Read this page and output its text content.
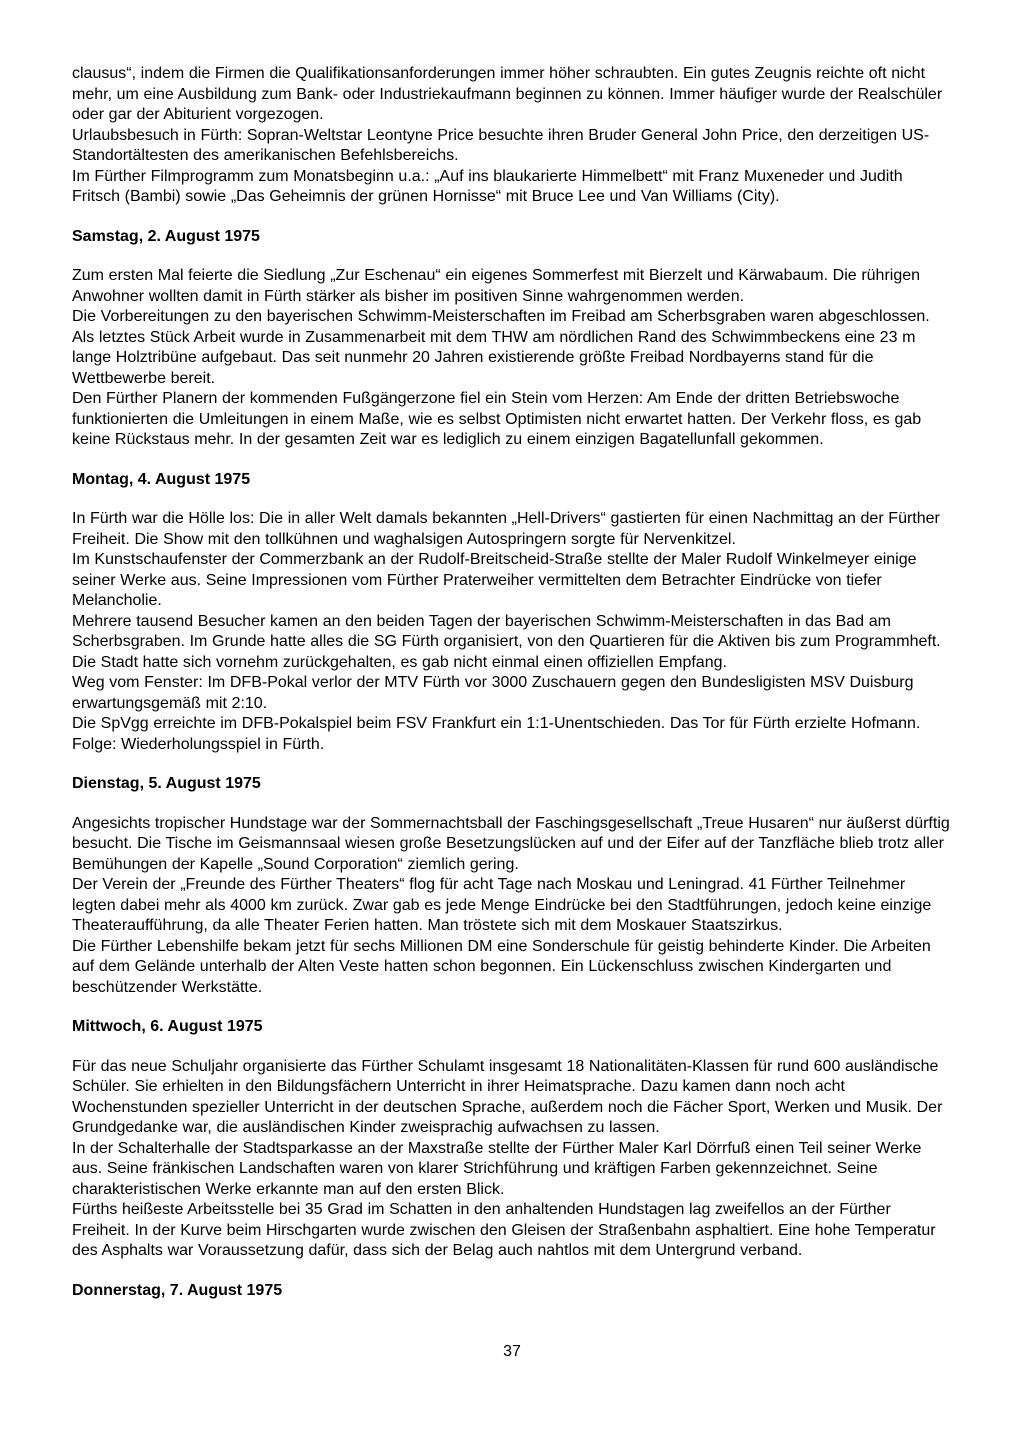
clausus“, indem die Firmen die Qualifikationsanforderungen immer höher schraubten. Ein gutes Zeugnis reichte oft nicht mehr, um eine Ausbildung zum Bank- oder Industriekaufmann beginnen zu können. Immer häufiger wurde der Realschüler oder gar der Abiturient vorgezogen.

Urlaubsbesuch in Fürth: Sopran-Weltstar Leontyne Price besuchte ihren Bruder General John Price, den derzeitigen US-Standortältesten des amerikanischen Befehlsbereichs.

Im Fürther Filmprogramm zum Monatsbeginn u.a.: „Auf ins blaukarierte Himmelbett“ mit Franz Muxeneder und Judith Fritsch (Bambi) sowie „Das Geheimnis der grünen Hornisse“ mit Bruce Lee und Van Williams (City).

Samstag, 2. August 1975

Zum ersten Mal feierte die Siedlung „Zur Eschenau“ ein eigenes Sommerfest mit Bierzelt und Kärwabaum. Die rührigen Anwohner wollten damit in Fürth stärker als bisher im positiven Sinne wahrgenommen werden.

Die Vorbereitungen zu den bayerischen Schwimm-Meisterschaften im Freibad am Scherbsgraben waren abgeschlossen. Als letztes Stück Arbeit wurde in Zusammenarbeit mit dem THW am nördlichen Rand des Schwimmbeckens eine 23 m lange Holztribüne aufgebaut. Das seit nunmehr 20 Jahren existierende größte Freibad Nordbayerns stand für die Wettbewerbe bereit.

Den Fürther Planern der kommenden Fußgängerzone fiel ein Stein vom Herzen: Am Ende der dritten Betriebswoche funktionierten die Umleitungen in einem Maße, wie es selbst Optimisten nicht erwartet hatten. Der Verkehr floss, es gab keine Rückstaus mehr. In der gesamten Zeit war es lediglich zu einem einzigen Bagatellunfall gekommen.

Montag, 4. August 1975

In Fürth war die Hölle los: Die in aller Welt damals bekannten „Hell-Drivers“ gastierten für einen Nachmittag an der Fürther Freiheit. Die Show mit den tollkühnen und waghalsigen Autospringern sorgte für Nervenkitzel.

Im Kunstschaufenster der Commerzbank an der Rudolf-Breitscheid-Straße stellte der Maler Rudolf Winkelmeyer einige seiner Werke aus. Seine Impressionen vom Fürther Praterweiher vermittelten dem Betrachter Eindrücke von tiefer Melancholie.

Mehrere tausend Besucher kamen an den beiden Tagen der bayerischen Schwimm-Meisterschaften in das Bad am Scherbsgraben. Im Grunde hatte alles die SG Fürth organisiert, von den Quartieren für die Aktiven bis zum Programmheft. Die Stadt hatte sich vornehm zurückgehalten, es gab nicht einmal einen offiziellen Empfang.

Weg vom Fenster: Im DFB-Pokal verlor der MTV Fürth vor 3000 Zuschauern gegen den Bundesligisten MSV Duisburg erwartungsgemäß mit 2:10.

Die SpVgg erreichte im DFB-Pokalspiel beim FSV Frankfurt ein 1:1-Unentschieden. Das Tor für Fürth erzielte Hofmann. Folge: Wiederholungsspiel in Fürth.

Dienstag, 5. August 1975

Angesichts tropischer Hundstage war der Sommernachtsball der Faschingsgesellschaft „Treue Husaren“ nur äußerst dürftig besucht. Die Tische im Geismannsaal wiesen große Besetzungslücken auf und der Eifer auf der Tanzfläche blieb trotz aller Bemühungen der Kapelle „Sound Corporation“ ziemlich gering.

Der Verein der „Freunde des Fürther Theaters“ flog für acht Tage nach Moskau und Leningrad. 41 Fürther Teilnehmer legten dabei mehr als 4000 km zurück. Zwar gab es jede Menge Eindrücke bei den Stadtführungen, jedoch keine einzige Theateraufführung, da alle Theater Ferien hatten. Man tröstete sich mit dem Moskauer Staatszirkus.

Die Fürther Lebenshilfe bekam jetzt für sechs Millionen DM eine Sonderschule für geistig behinderte Kinder. Die Arbeiten auf dem Gelände unterhalb der Alten Veste hatten schon begonnen. Ein Lückenschluss zwischen Kindergarten und beschützender Werkstätte.

Mittwoch, 6. August 1975

Für das neue Schuljahr organisierte das Fürther Schulamt insgesamt 18 Nationalitäten-Klassen für rund 600 ausländische Schüler. Sie erhielten in den Bildungsfächern Unterricht in ihrer Heimatsprache. Dazu kamen dann noch acht Wochenstunden spezieller Unterricht in der deutschen Sprache, außerdem noch die Fächer Sport, Werken und Musik. Der Grundgedanke war, die ausländischen Kinder zweisprachig aufwachsen zu lassen.

In der Schalterhalle der Stadtsparkasse an der Maxstraße stellte der Fürther Maler Karl Dörrfuß einen Teil seiner Werke aus. Seine fränkischen Landschaften waren von klarer Strichführung und kräftigen Farben gekennzeichnet. Seine charakteristischen Werke erkannte man auf den ersten Blick.

Fürths heißeste Arbeitsstelle bei 35 Grad im Schatten in den anhaltenden Hundstagen lag zweifellos an der Fürther Freiheit. In der Kurve beim Hirschgarten wurde zwischen den Gleisen der Straßenbahn asphaltiert. Eine hohe Temperatur des Asphalts war Voraussetzung dafür, dass sich der Belag auch nahtlos mit dem Untergrund verband.

Donnerstag, 7. August 1975
37
